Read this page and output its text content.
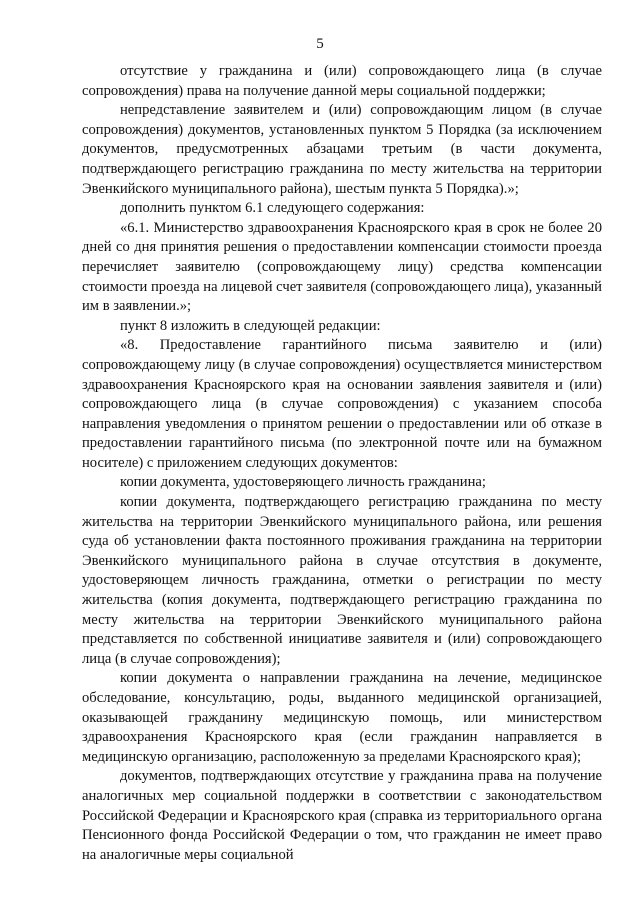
5

отсутствие у гражданина и (или) сопровождающего лица (в случае сопровождения) права на получение данной меры социальной поддержки;

непредставление заявителем и (или) сопровождающим лицом (в случае сопровождения) документов, установленных пунктом 5 Порядка (за исключением документов, предусмотренных абзацами третьим (в части документа, подтверждающего регистрацию гражданина по месту жительства на территории Эвенкийского муниципального района), шестым пункта 5 Порядка).»;

дополнить пунктом 6.1 следующего содержания:

«6.1. Министерство здравоохранения Красноярского края в срок не более 20 дней со дня принятия решения о предоставлении компенсации стоимости проезда перечисляет заявителю (сопровождающему лицу) средства компенсации стоимости проезда на лицевой счет заявителя (сопровождающего лица), указанный им в заявлении.»;

пункт 8 изложить в следующей редакции:

«8. Предоставление гарантийного письма заявителю и (или) сопровождающему лицу (в случае сопровождения) осуществляется министерством здравоохранения Красноярского края на основании заявления заявителя и (или) сопровождающего лица (в случае сопровождения) с указанием способа направления уведомления о принятом решении о предоставлении или об отказе в предоставлении гарантийного письма (по электронной почте или на бумажном носителе) с приложением следующих документов:

копии документа, удостоверяющего личность гражданина;

копии документа, подтверждающего регистрацию гражданина по месту жительства на территории Эвенкийского муниципального района, или решения суда об установлении факта постоянного проживания гражданина на территории Эвенкийского муниципального района в случае отсутствия в документе, удостоверяющем личность гражданина, отметки о регистрации по месту жительства (копия документа, подтверждающего регистрацию гражданина по месту жительства на территории Эвенкийского муниципального района представляется по собственной инициативе заявителя и (или) сопровождающего лица (в случае сопровождения);

копии документа о направлении гражданина на лечение, медицинское обследование, консультацию, роды, выданного медицинской организацией, оказывающей гражданину медицинскую помощь, или министерством здравоохранения Красноярского края (если гражданин направляется в медицинскую организацию, расположенную за пределами Красноярского края);

документов, подтверждающих отсутствие у гражданина права на получение аналогичных мер социальной поддержки в соответствии с законодательством Российской Федерации и Красноярского края (справка из территориального органа Пенсионного фонда Российской Федерации о том, что гражданин не имеет право на аналогичные меры социальной
